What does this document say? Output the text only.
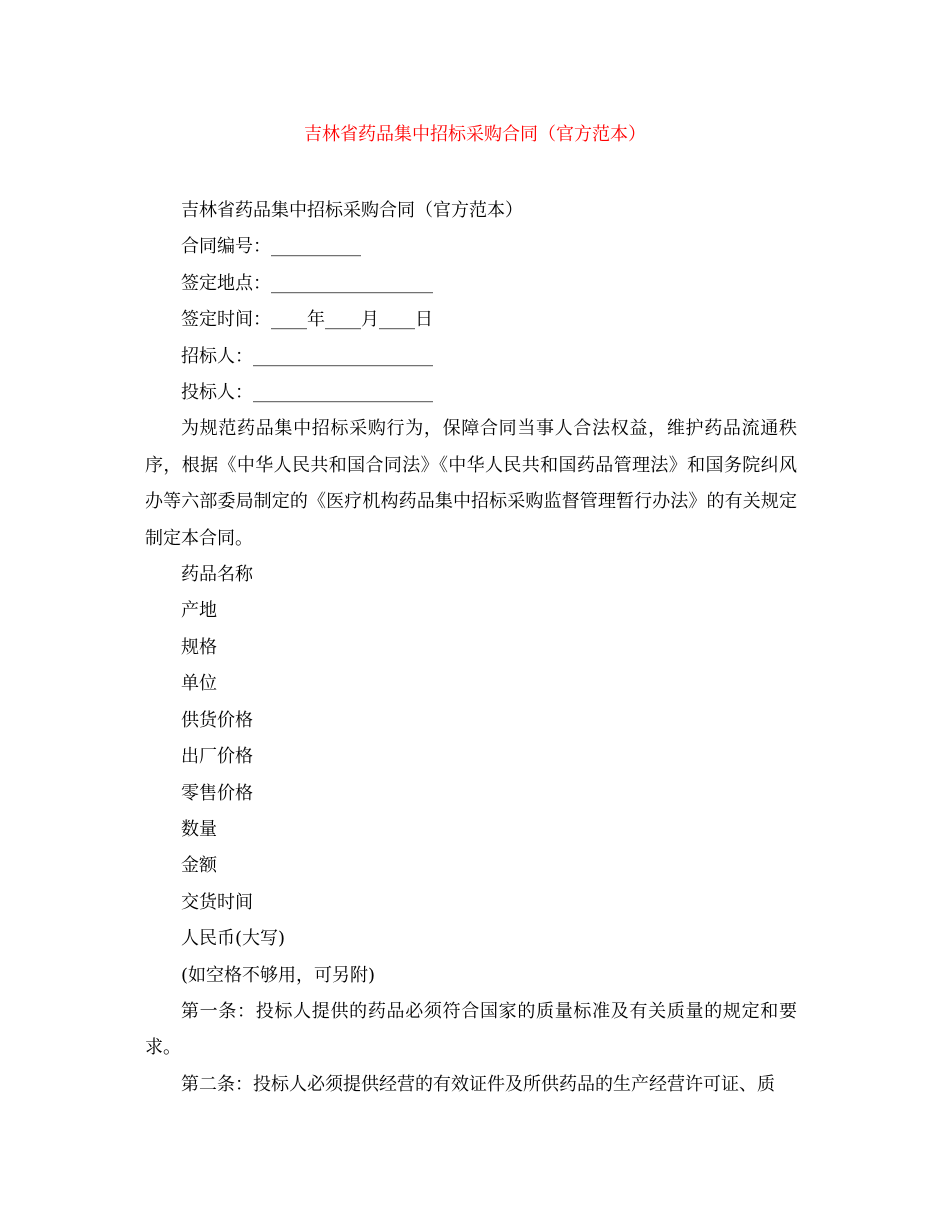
吉林省药品集中招标采购合同（官方范本）
吉林省药品集中招标采购合同（官方范本）
合同编号：__________
签定地点：__________________
签定时间：____年____月____日
招标人：____________________
投标人：____________________

为规范药品集中招标采购行为，保障合同当事人合法权益，维护药品流通秩序，根据《中华人民共和国合同法》《中华人民共和国药品管理法》和国务院纠风办等六部委局制定的《医疗机构药品集中招标采购监督管理暂行办法》的有关规定制定本合同。

药品名称
产地
规格
单位
供货价格
出厂价格
零售价格
数量
金额
交货时间
人民币(大写)
(如空格不够用，可另附)

第一条：投标人提供的药品必须符合国家的质量标准及有关质量的规定和要求。

第二条：投标人必须提供经营的有效证件及所供药品的生产经营许可证、质
